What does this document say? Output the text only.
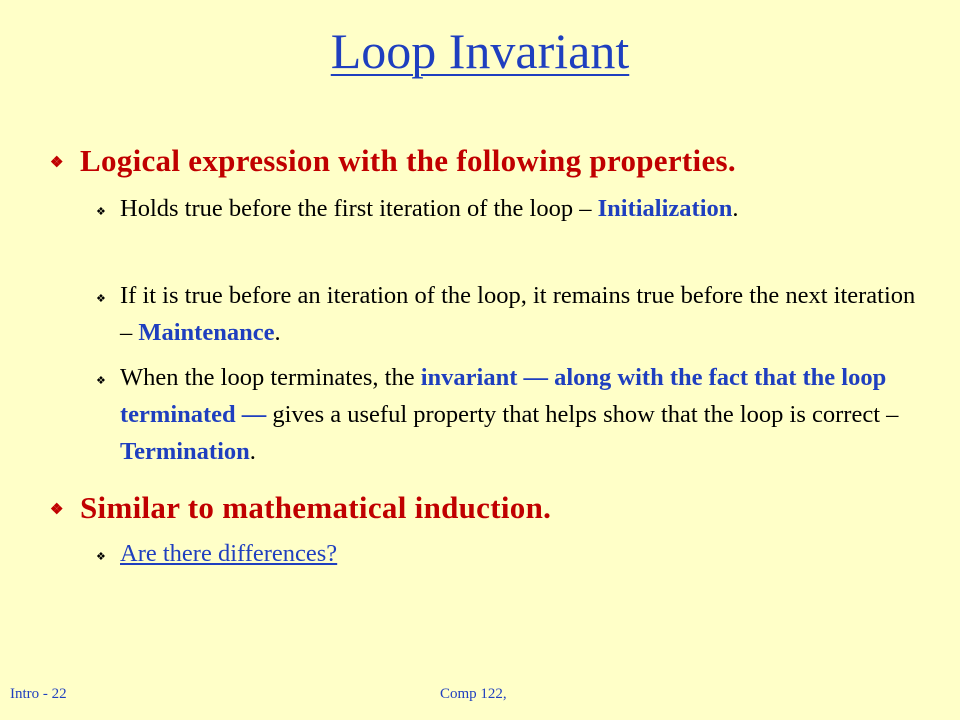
Loop Invariant
❖ Logical expression with the following properties.
❖ Holds true before the first iteration of the loop – Initialization.
❖ If it is true before an iteration of the loop, it remains true before the next iteration – Maintenance.
❖ When the loop terminates, the invariant — along with the fact that the loop terminated — gives a useful property that helps show that the loop is correct – Termination.
❖ Similar to mathematical induction.
❖ Are there differences?
Intro - 22	Comp 122,
